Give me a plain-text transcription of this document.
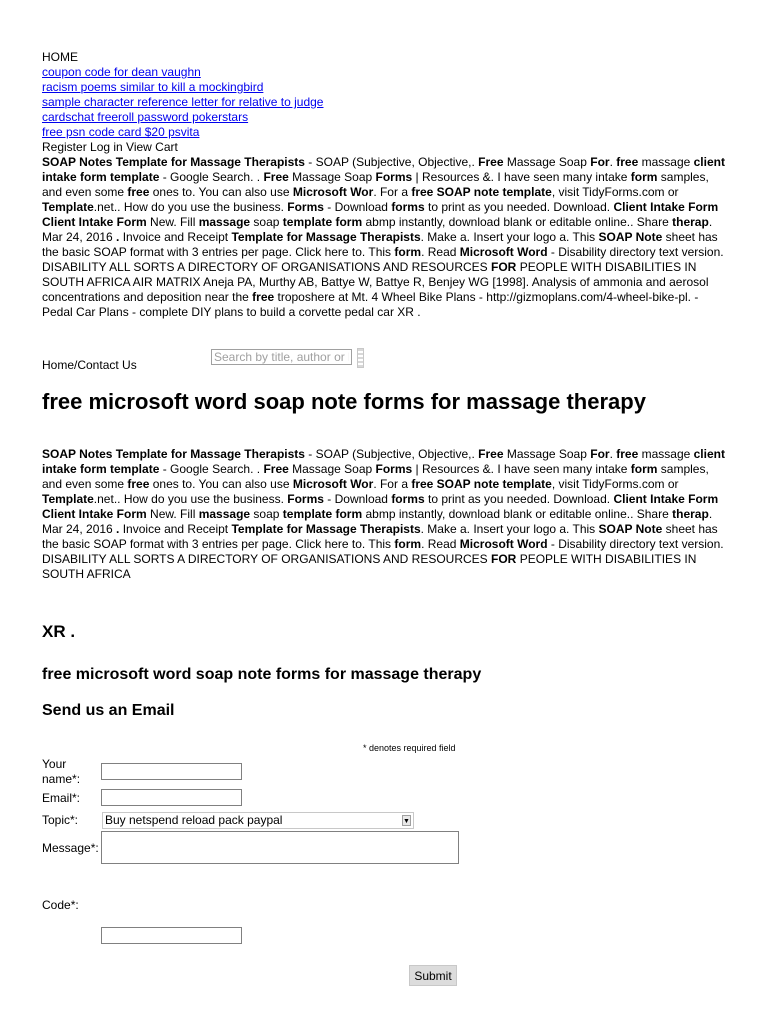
HOME
coupon code for dean vaughn
racism poems similar to kill a mockingbird
sample character reference letter for relative to judge
cardschat freeroll password pokerstars
free psn code card $20 psvita
Register Log in View Cart

SOAP Notes Template for Massage Therapists - SOAP (Subjective, Objective,. Free Massage Soap For. free massage client intake form template - Google Search. . Free Massage Soap Forms | Resources &. I have seen many intake form samples, and even some free ones to. You can also use Microsoft Wor. For a free SOAP note template, visit TidyForms.com or Template.net.. How do you use the business. Forms - Download forms to print as you needed. Download. Client Intake Form Client Intake Form New. Fill massage soap template form abmp instantly, download blank or editable online.. Share therap. Mar 24, 2016 . Invoice and Receipt Template for Massage Therapists. Make a. Insert your logo a. This SOAP Note sheet has the basic SOAP format with 3 entries per page. Click here to. This form. Read Microsoft Word - Disability directory text version. DISABILITY ALL SORTS A DIRECTORY OF ORGANISATIONS AND RESOURCES FOR PEOPLE WITH DISABILITIES IN SOUTH AFRICA AIR MATRIX Aneja PA, Murthy AB, Battye W, Battye R, Benjey WG [1998]. Analysis of ammonia and aerosol concentrations and deposition near the free troposhere at Mt. 4 Wheel Bike Plans - http://gizmoplans.com/4-wheel-bike-pl. - Pedal Car Plans - complete DIY plans to build a corvette pedal car XR .

Home/Contact Us
Search by title, author or keyword
free microsoft word soap note forms for massage therapy

SOAP Notes Template for Massage Therapists - SOAP (Subjective, Objective,. Free Massage Soap For. free massage client intake form template - Google Search. . Free Massage Soap Forms | Resources &. I have seen many intake form samples, and even some free ones to. You can also use Microsoft Wor. For a free SOAP note template, visit TidyForms.com or Template.net.. How do you use the business. Forms - Download forms to print as you needed. Download. Client Intake Form Client Intake Form New. Fill massage soap template form abmp instantly, download blank or editable online.. Share therap. Mar 24, 2016 . Invoice and Receipt Template for Massage Therapists. Make a. Insert your logo a. This SOAP Note sheet has the basic SOAP format with 3 entries per page. Click here to. This form. Read Microsoft Word - Disability directory text version. DISABILITY ALL SORTS A DIRECTORY OF ORGANISATIONS AND RESOURCES FOR PEOPLE WITH DISABILITIES IN SOUTH AFRICA

XR .
free microsoft word soap note forms for massage therapy
Send us an Email
* denotes required field
Your name*:
Email*:
Topic*: Buy netspend reload pack paypal	▼
Message*:
Code*:
Submit
